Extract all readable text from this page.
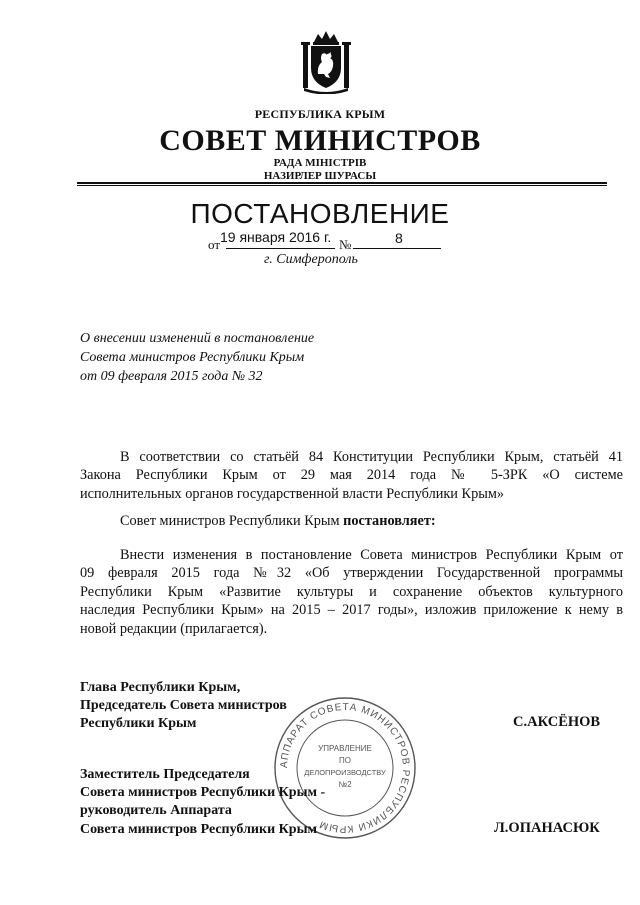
РЕСПУБЛИКА КРЫМ
СОВЕТ МИНИСТРОВ
РАДА МІНІСТРІВ
НАЗИРЛЕР ШУРАСЫ
ПОСТАНОВЛЕНИЕ
от 19 января 2016 г. №	8
г. Симферополь
О внесении изменений в постановление
Совета министров Республики Крым
от 09 февраля 2015 года № 32
В соответствии со статьёй 84 Конституции Республики Крым, статьёй 41
Закона Республики Крым от 29 мая 2014 года № 5-ЗРК «О системе
исполнительных органов государственной власти Республики Крым»
Совет министров Республики Крым постановляет:
Внести изменения в постановление Совета министров Республики Крым от
09 февраля 2015 года №32 «Об утверждении Государственной программы
Республики Крым «Развитие культуры и сохранение объектов культурного
наследия Республики Крым» на 2015 – 2017 годы», изложив приложение к нему в
новой редакции (прилагается).
АППАРАТ СОВЕТА МИНИСТРОВ РЕСПУБЛИКИ КРЫМ
УПРАВЛЕНИЕ
ПО
ДЕЛОПРОИЗВОДСТВУ
№2
Глава Республики Крым,
Председатель Совета министров
Республики Крым	С.АКСЁНОВ
Заместитель Председателя
Совета министров Республики Крым -
руководитель Аппарата
Совета министров Республики Крым	Л.ОПАНАСЮК
